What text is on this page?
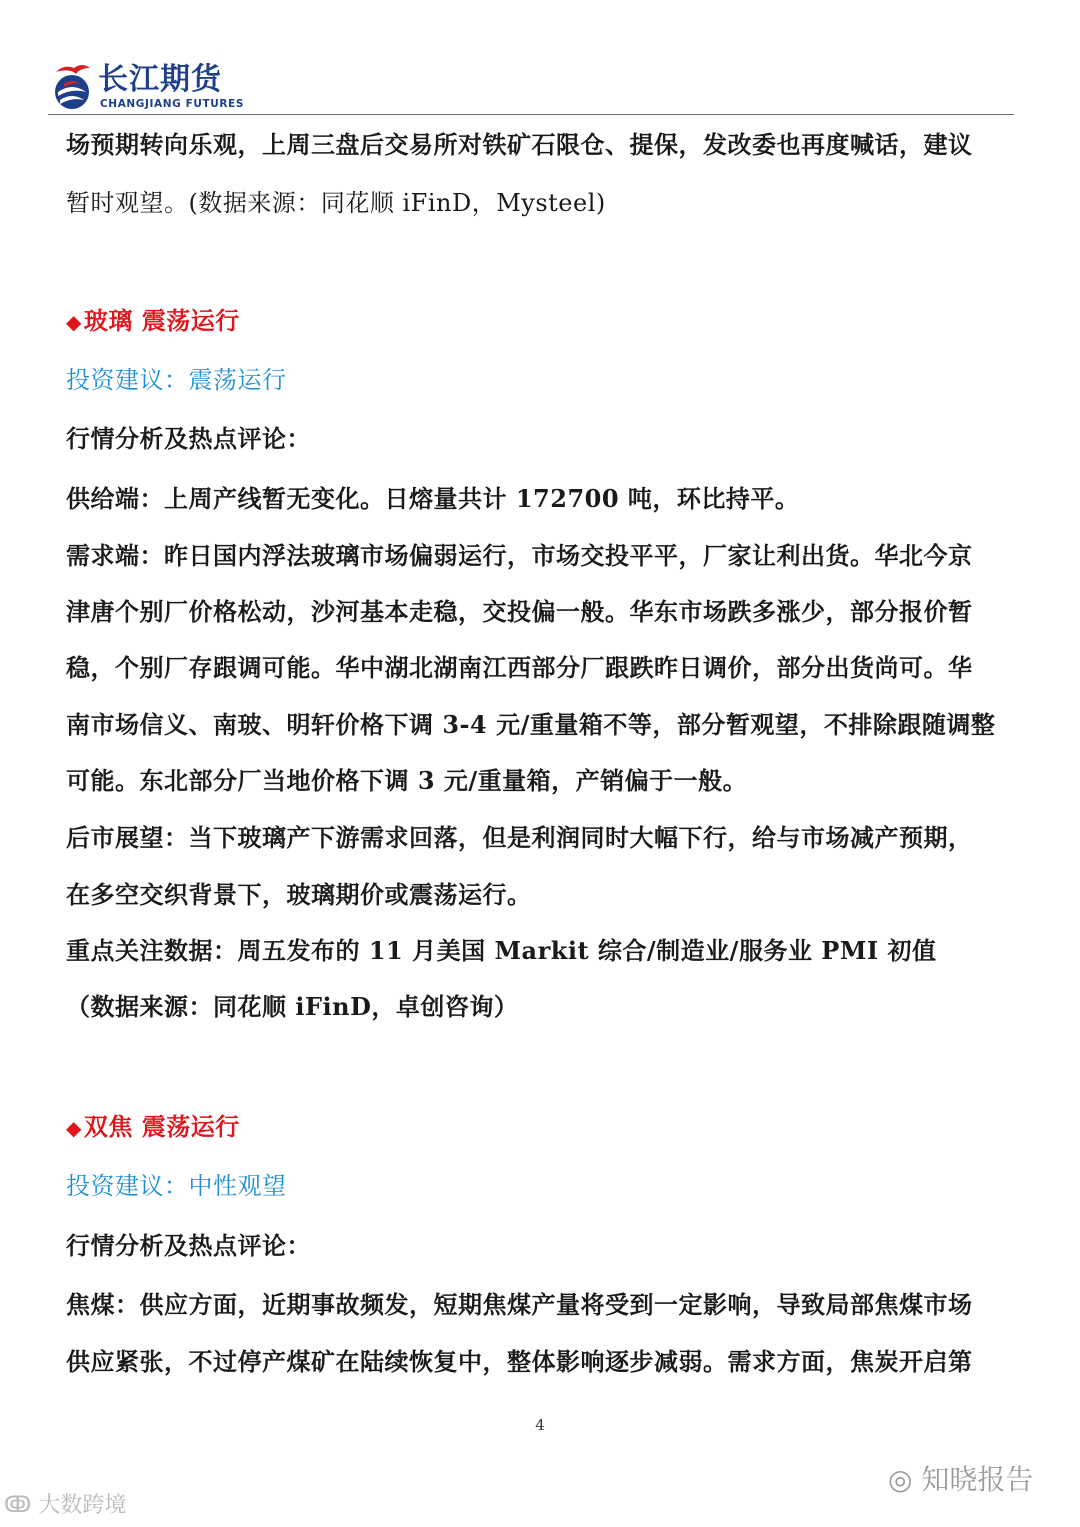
长江期货
CHANGJIANG FUTURES
场预期转向乐观，上周三盘后交易所对铁矿石限仓、提保，发改委也再度喊话，建议
暂时观望。(数据来源：同花顺 iFinD，Mysteel)
◆玻璃 震荡运行
投资建议：震荡运行
行情分析及热点评论：
供给端：上周产线暂无变化。日熔量共计 172700 吨，环比持平。
需求端：昨日国内浮法玻璃市场偏弱运行，市场交投平平，厂家让利出货。华北今京
津唐个别厂价格松动，沙河基本走稳，交投偏一般。华东市场跌多涨少，部分报价暂
稳，个别厂存跟调可能。华中湖北湖南江西部分厂跟跌昨日调价，部分出货尚可。华
南市场信义、南玻、明轩价格下调 3-4 元/重量箱不等，部分暂观望，不排除跟随调整
可能。东北部分厂当地价格下调 3 元/重量箱，产销偏于一般。
后市展望：当下玻璃产下游需求回落，但是利润同时大幅下行，给与市场减产预期，
在多空交织背景下，玻璃期价或震荡运行。
重点关注数据：周五发布的 11 月美国 Markit 综合/制造业/服务业 PMI 初值
（数据来源：同花顺 iFinD，卓创咨询）
◆双焦 震荡运行
投资建议：中性观望
行情分析及热点评论：
焦煤：供应方面，近期事故频发，短期焦煤产量将受到一定影响，导致局部焦煤市场
供应紧张，不过停产煤矿在陆续恢复中，整体影响逐步减弱。需求方面，焦炭开启第
4
ↂ 大数跨境
◎ 知晓报告
